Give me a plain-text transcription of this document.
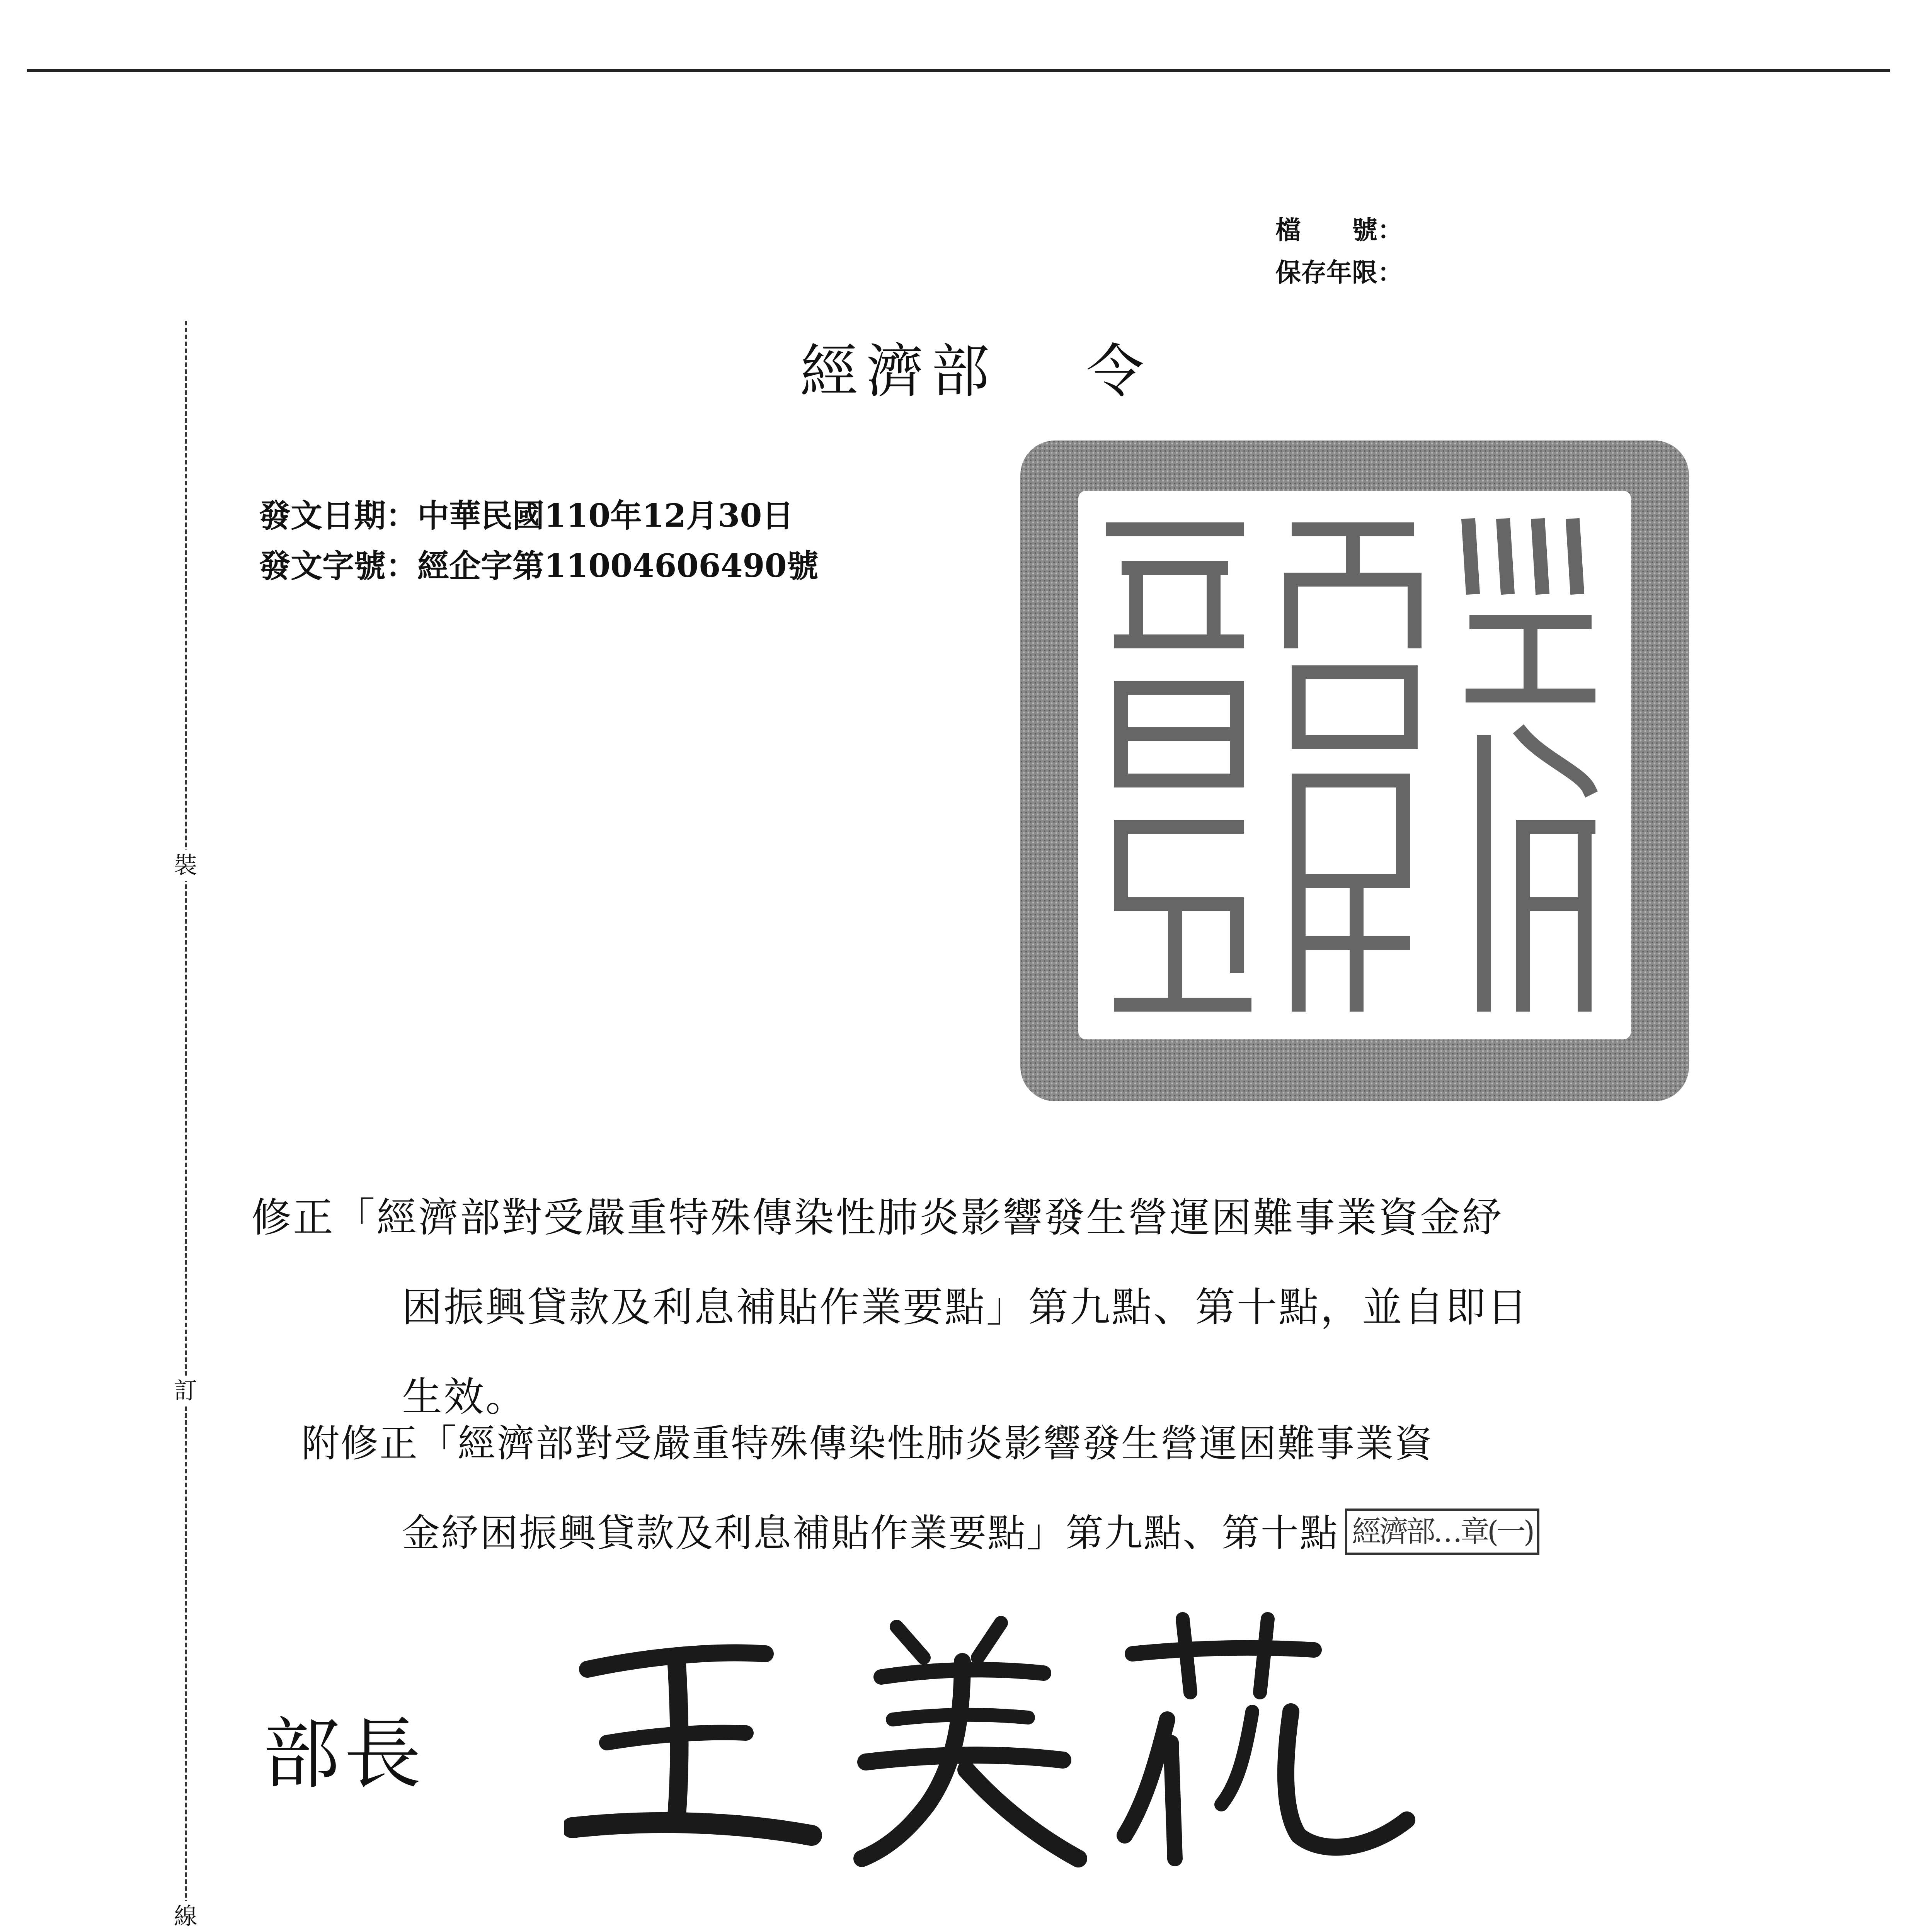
裝
訂
線
檔　　號：
保存年限：
經濟部 令
發文日期：中華民國110年12月30日
發文字號：經企字第11004606490號
修正「經濟部對受嚴重特殊傳染性肺炎影響發生營運困難事業資金紓
困振興貸款及利息補貼作業要點」第九點、第十點，並自即日
生效。
附修正「經濟部對受嚴重特殊傳染性肺炎影響發生營運困難事業資
金紓困振興貸款及利息補貼作業要點」第九點、第十點 經濟部…章(一)
部長
